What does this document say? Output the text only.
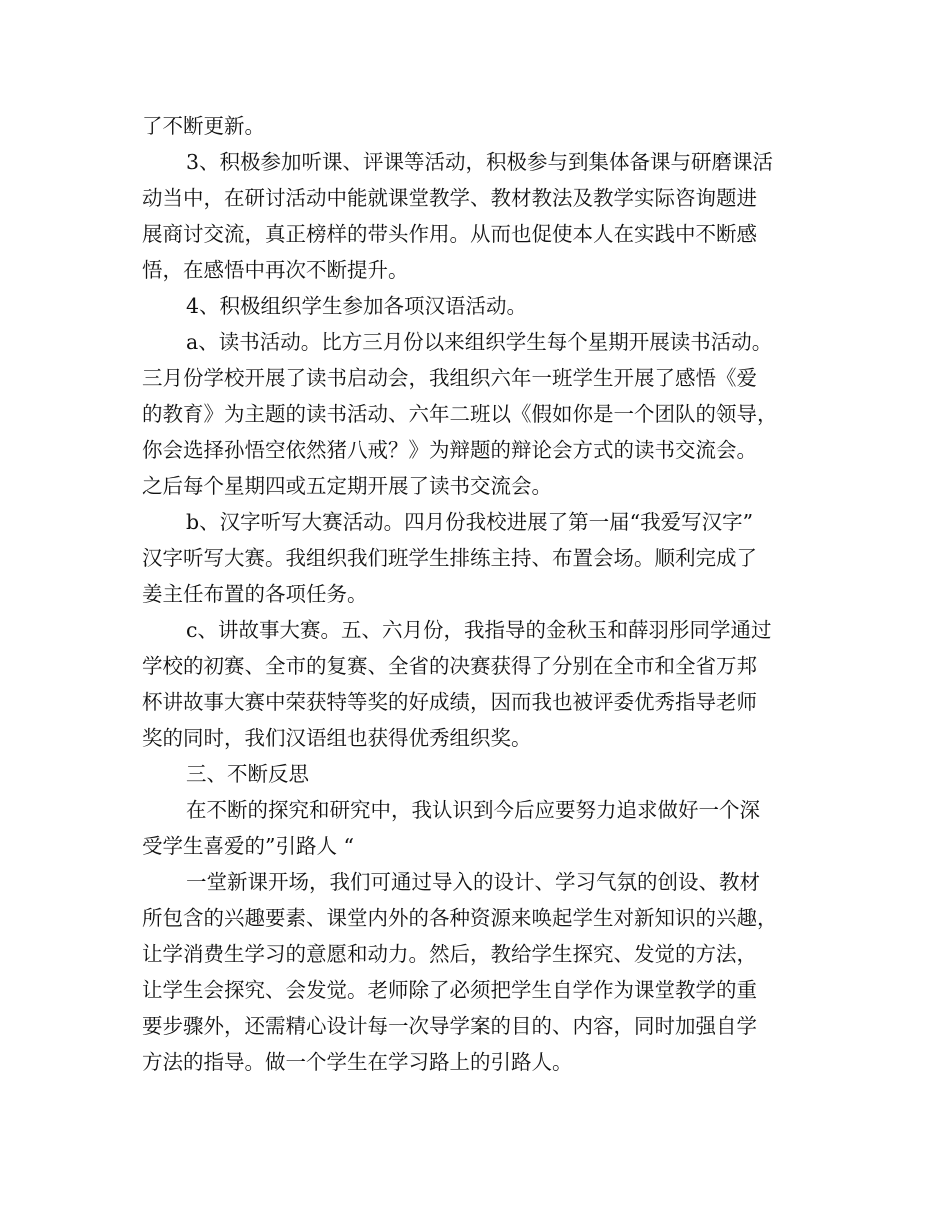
了不断更新。
3、积极参加听课、评课等活动，积极参与到集体备课与研磨课活
动当中，在研讨活动中能就课堂教学、教材教法及教学实际咨询题进
展商讨交流，真正榜样的带头作用。从而也促使本人在实践中不断感
悟，在感悟中再次不断提升。
4、积极组织学生参加各项汉语活动。
a、读书活动。比方三月份以来组织学生每个星期开展读书活动。
三月份学校开展了读书启动会，我组织六年一班学生开展了感悟《爱
的教育》为主题的读书活动、六年二班以《假如你是一个团队的领导，
你会选择孙悟空依然猪八戒？》为辩题的辩论会方式的读书交流会。
之后每个星期四或五定期开展了读书交流会。
b、汉字听写大赛活动。四月份我校进展了第一届“我爱写汉字”
汉字听写大赛。我组织我们班学生排练主持、布置会场。顺利完成了
姜主任布置的各项任务。
c、讲故事大赛。五、六月份，我指导的金秋玉和薛羽彤同学通过
学校的初赛、全市的复赛、全省的决赛获得了分别在全市和全省万邦
杯讲故事大赛中荣获特等奖的好成绩，因而我也被评委优秀指导老师
奖的同时，我们汉语组也获得优秀组织奖。
三、不断反思
在不断的探究和研究中，我认识到今后应要努力追求做好一个深
受学生喜爱的”引路人 “
一堂新课开场，我们可通过导入的设计、学习气氛的创设、教材
所包含的兴趣要素、课堂内外的各种资源来唤起学生对新知识的兴趣，
让学消费生学习的意愿和动力。然后，教给学生探究、发觉的方法，
让学生会探究、会发觉。老师除了必须把学生自学作为课堂教学的重
要步骤外，还需精心设计每一次导学案的目的、内容，同时加强自学
方法的指导。做一个学生在学习路上的引路人。
